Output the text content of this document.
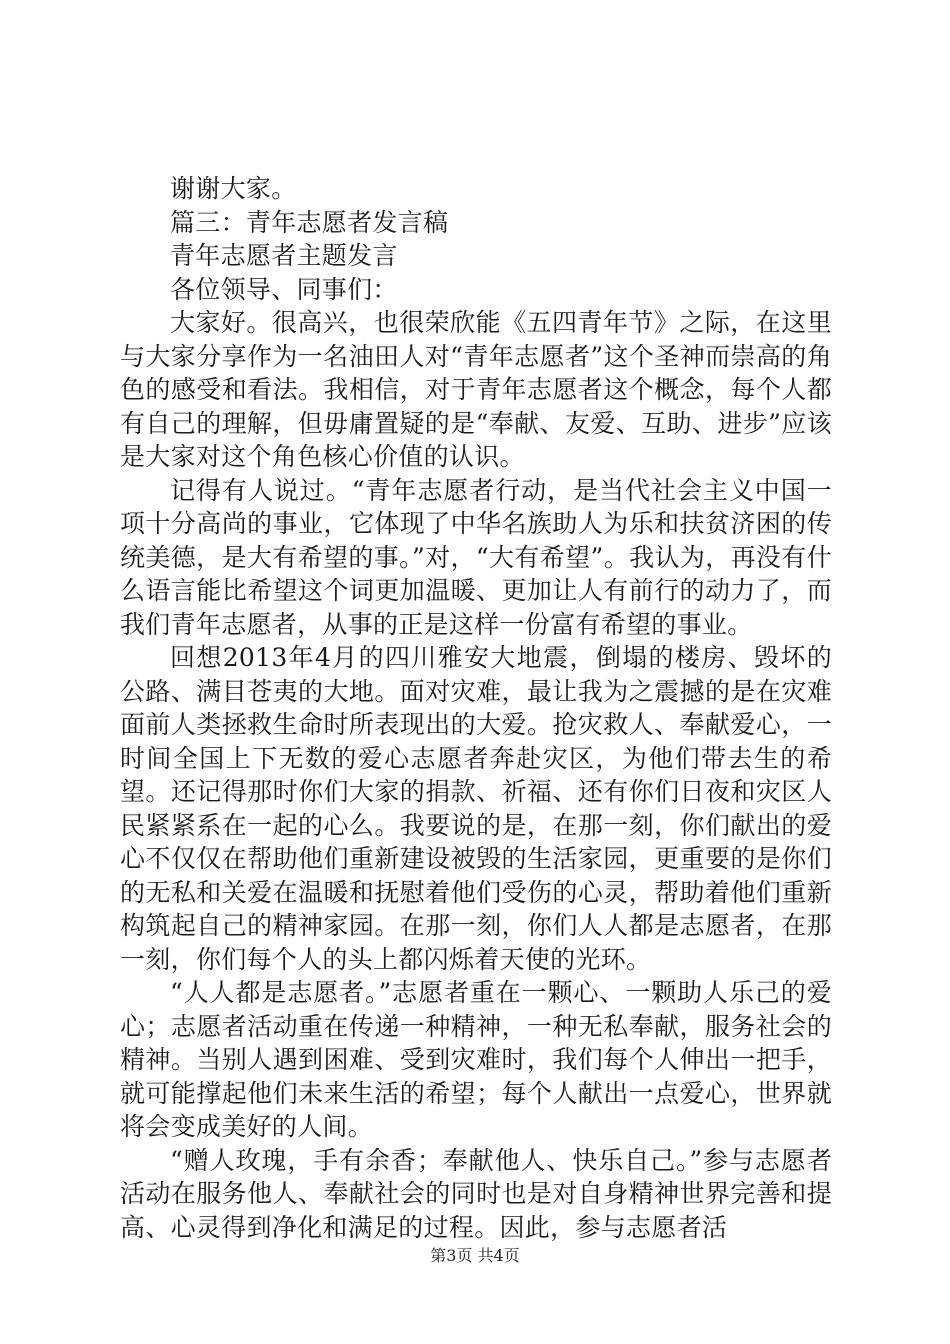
谢谢大家。

篇三：青年志愿者发言稿

青年志愿者主题发言

各位领导、同事们：

大家好。很高兴，也很荣欣能《五四青年节》之际，在这里与大家分享作为一名油田人对“青年志愿者”这个圣神而崇高的角色的感受和看法。我相信，对于青年志愿者这个概念，每个人都有自己的理解，但毋庸置疑的是“奉献、友爱、互助、进步”应该是大家对这个角色核心价值的认识。

记得有人说过。“青年志愿者行动，是当代社会主义中国一项十分高尚的事业，它体现了中华名族助人为乐和扶贫济困的传统美德，是大有希望的事。”对，“大有希望”。我认为，再没有什么语言能比希望这个词更加温暖、更加让人有前行的动力了，而我们青年志愿者，从事的正是这样一份富有希望的事业。

回想2013年4月的四川雅安大地震，倒塌的楼房、毁坏的公路、满目苍夷的大地。面对灾难，最让我为之震撼的是在灾难面前人类拯救生命时所表现出的大爱。抢灾救人、奉献爱心，一时间全国上下无数的爱心志愿者奔赴灾区，为他们带去生的希望。还记得那时你们大家的捐款、祈福、还有你们日夜和灾区人民紧紧系在一起的心么。我要说的是，在那一刻，你们献出的爱心不仅仅在帮助他们重新建设被毁的生活家园，更重要的是你们的无私和关爱在温暖和抚慰着他们受伤的心灵，帮助着他们重新构筑起自己的精神家园。在那一刻，你们人人都是志愿者，在那一刻，你们每个人的头上都闪烁着天使的光环。

“人人都是志愿者。”志愿者重在一颗心、一颗助人乐己的爱心；志愿者活动重在传递一种精神，一种无私奉献，服务社会的精神。当别人遇到困难、受到灾难时，我们每个人伸出一把手，就可能撑起他们未来生活的希望；每个人献出一点爱心，世界就将会变成美好的人间。

“赠人玫瑰，手有余香；奉献他人、快乐自己。”参与志愿者活动在服务他人、奉献社会的同时也是对自身精神世界完善和提高、心灵得到净化和满足的过程。因此，参与志愿者活

第3页 共4页
